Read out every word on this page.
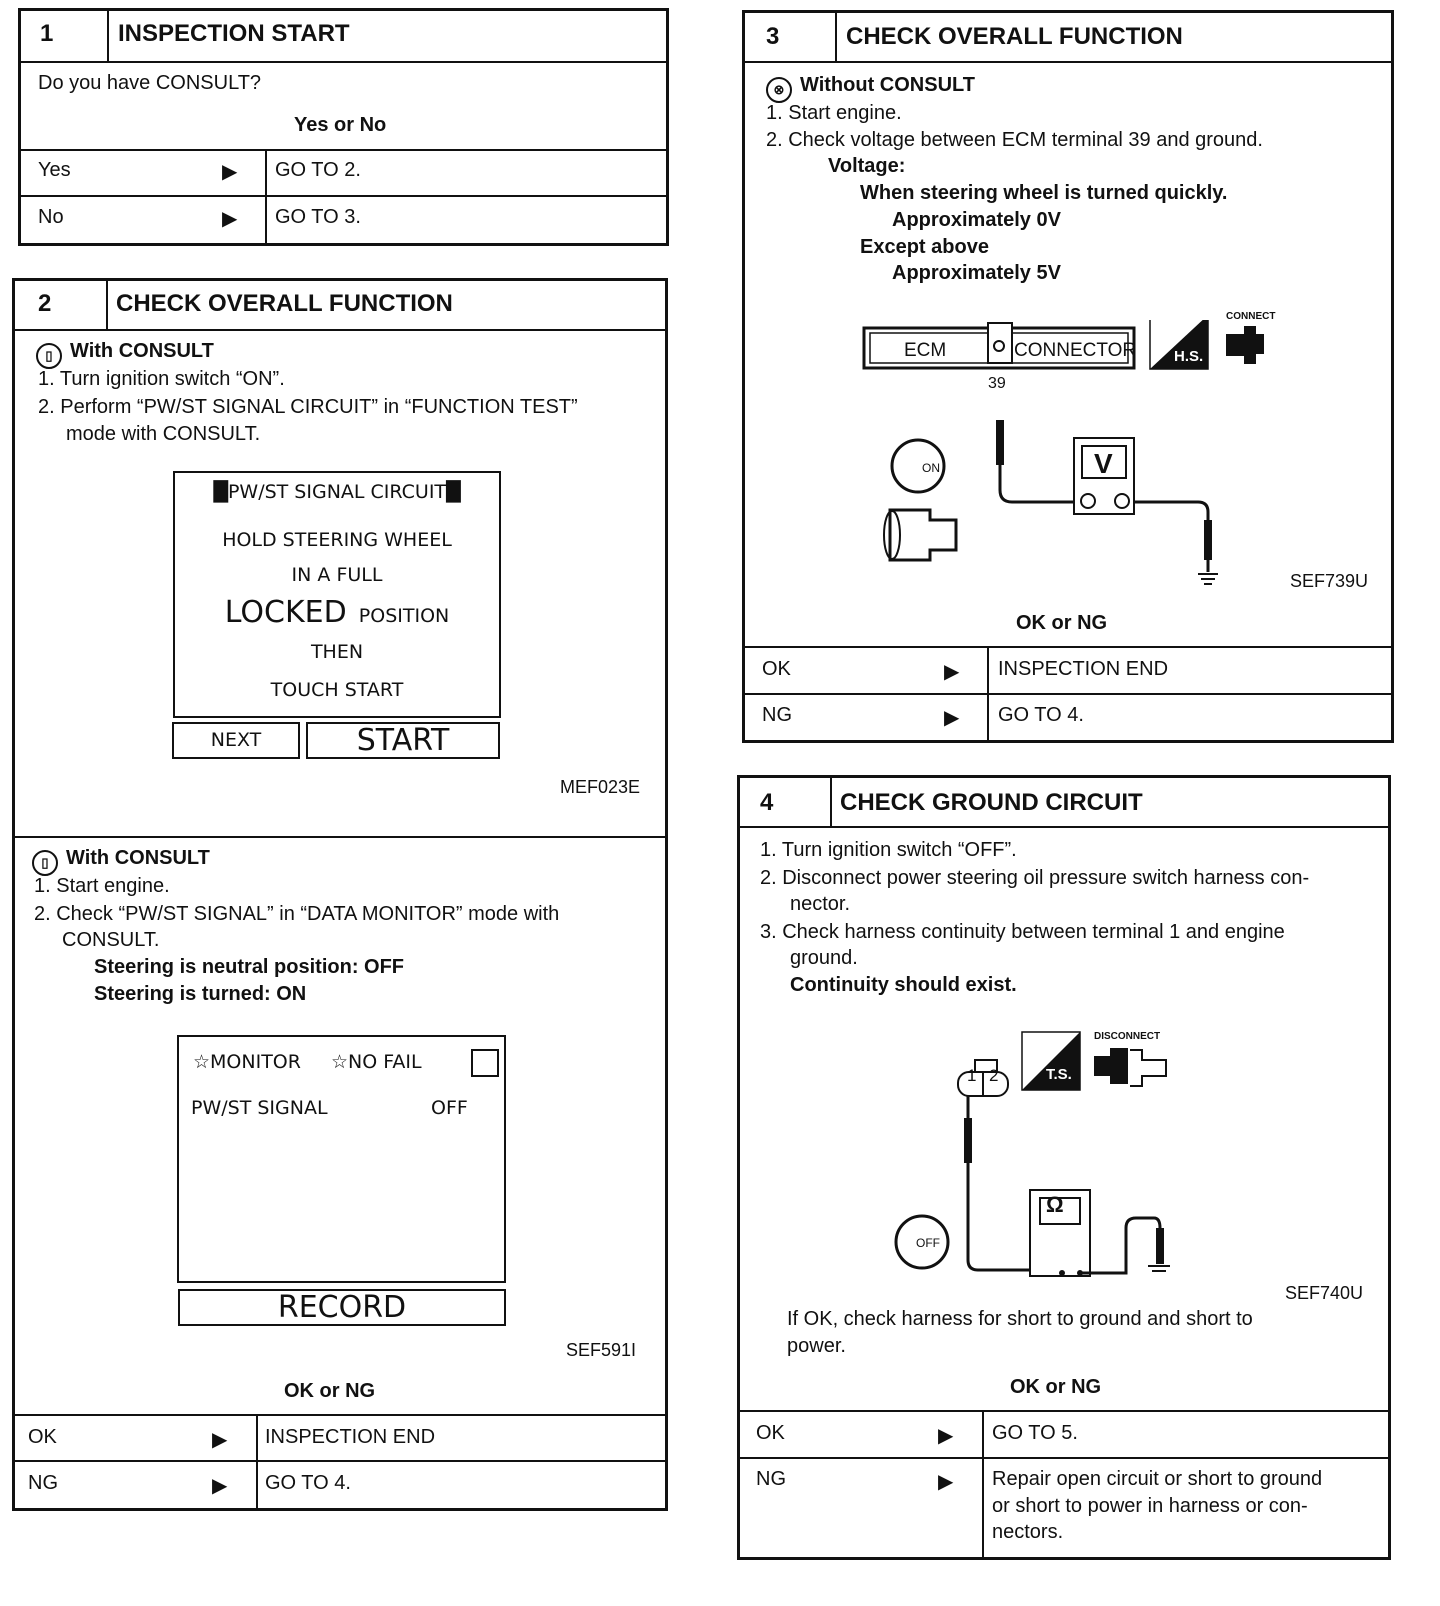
1	INSPECTION START
Do you have CONSULT?
Yes or No
Yes	▶ GO TO 2.
No	▶ GO TO 3.
2	CHECK OVERALL FUNCTION
▯ With CONSULT
1. Turn ignition switch “ON”.
2. Perform “PW/ST SIGNAL CIRCUIT” in “FUNCTION TEST”
mode with CONSULT.
█PW/ST SIGNAL CIRCUIT█
HOLD STEERING WHEEL
IN A FULL
LOCKED POSITION
THEN
TOUCH START
NEXT	START
MEF023E
▯ With CONSULT
1. Start engine.
2. Check “PW/ST SIGNAL” in “DATA MONITOR” mode with
CONSULT.
Steering is neutral position: OFF
Steering is turned: ON
☆MONITOR ☆NO FAIL
PW/ST SIGNAL	OFF
RECORD
SEF591I
OK or NG
OK	▶ INSPECTION END
NG	▶ GO TO 4.
3	CHECK OVERALL FUNCTION
⊗ Without CONSULT
1. Start engine.
2. Check voltage between ECM terminal 39 and ground.
Voltage:
When steering wheel is turned quickly.
Approximately 0V
Except above
Approximately 5V
ECM	CONNECTOR
39
H.S.
CONNECT
V
ON
SEF739U
OK or NG
OK	▶ INSPECTION END
NG	▶ GO TO 4.
4	CHECK GROUND CIRCUIT
1. Turn ignition switch “OFF”.
2. Disconnect power steering oil pressure switch harness con-
nector.
3. Check harness continuity between terminal 1 and engine
ground.
Continuity should exist.
1 2	T.S.
DISCONNECT
Ω
OFF
SEF740U
If OK, check harness for short to ground and short to
power.
OK or NG
OK	▶ GO TO 5.
NG	▶ Repair open circuit or short to ground
or short to power in harness or con-
nectors.
